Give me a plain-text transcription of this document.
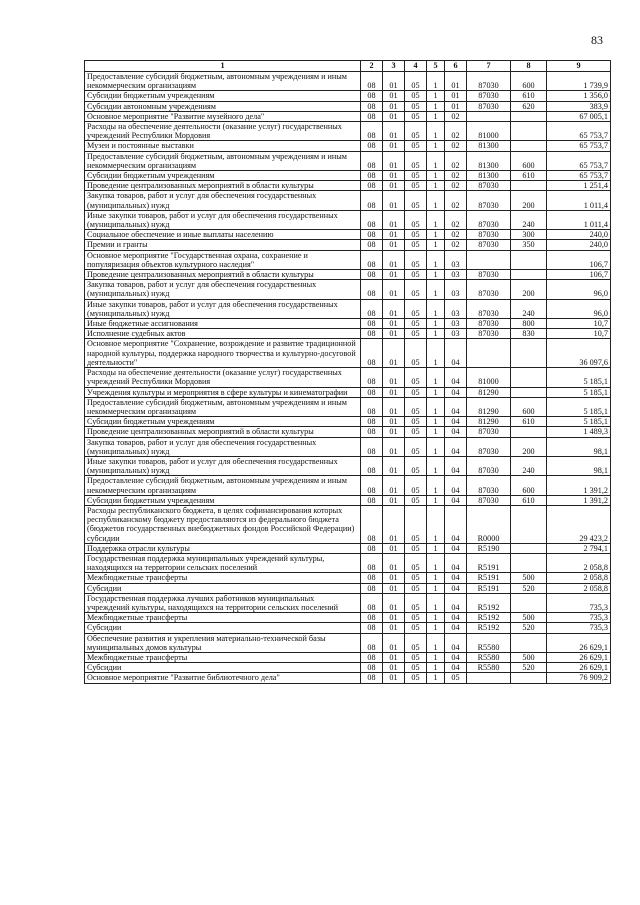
83
1	2	3	4	5	6	7	8	9
Предоставление субсидий бюджетным, автономным учреждениям и иным некоммерческим организациям	08	01	05	1	01	87030	600	1 739,9
Субсидии бюджетным учреждениям	08	01	05	1	01	87030	610	1 356,0
Субсидии автономным учреждениям	08	01	05	1	01	87030	620	383,9
Основное мероприятие "Развитие музейного дела"	08	01	05	1	02			67 005,1
Расходы на обеспечение деятельности (оказание услуг) государственных учреждений Республики Мордовия	08	01	05	1	02	81000		65 753,7
Музеи и постоянные выставки	08	01	05	1	02	81300		65 753,7
Предоставление субсидий бюджетным, автономным учреждениям и иным некоммерческим организациям	08	01	05	1	02	81300	600	65 753,7
Субсидии бюджетным учреждениям	08	01	05	1	02	81300	610	65 753,7
Проведение централизованных мероприятий в области культуры	08	01	05	1	02	87030		1 251,4
Закупка товаров, работ и услуг для обеспечения государственных (муниципальных) нужд	08	01	05	1	02	87030	200	1 011,4
Иные закупки товаров, работ и услуг для обеспечения государственных (муниципальных) нужд	08	01	05	1	02	87030	240	1 011,4
Социальное обеспечение и иные выплаты населению	08	01	05	1	02	87030	300	240,0
Премии и гранты	08	01	05	1	02	87030	350	240,0
Основное мероприятие "Государственная охрана, сохранение и популяризация объектов культурного наследия"	08	01	05	1	03			106,7
Проведение централизованных мероприятий в области культуры	08	01	05	1	03	87030		106,7
Закупка товаров, работ и услуг для обеспечения государственных (муниципальных) нужд	08	01	05	1	03	87030	200	96,0
Иные закупки товаров, работ и услуг для обеспечения государственных (муниципальных) нужд	08	01	05	1	03	87030	240	96,0
Иные бюджетные ассигнования	08	01	05	1	03	87030	800	10,7
Исполнение судебных актов	08	01	05	1	03	87030	830	10,7
Основное мероприятие "Сохранение, возрождение и развитие традиционной народной культуры, поддержка народного творчества и культурно-досуговой деятельности"	08	01	05	1	04			36 097,6
Расходы на обеспечение деятельности (оказание услуг) государственных учреждений Республики Мордовия	08	01	05	1	04	81000		5 185,1
Учреждения культуры и мероприятия в сфере культуры и кинематографии	08	01	05	1	04	81290		5 185,1
Предоставление субсидий бюджетным, автономным учреждениям и иным некоммерческим организациям	08	01	05	1	04	81290	600	5 185,1
Субсидии бюджетным учреждениям	08	01	05	1	04	81290	610	5 185,1
Проведение централизованных мероприятий в области культуры	08	01	05	1	04	87030		1 489,3
Закупка товаров, работ и услуг для обеспечения государственных (муниципальных) нужд	08	01	05	1	04	87030	200	98,1
Иные закупки товаров, работ и услуг для обеспечения государственных (муниципальных) нужд	08	01	05	1	04	87030	240	98,1
Предоставление субсидий бюджетным, автономным учреждениям и иным некоммерческим организациям	08	01	05	1	04	87030	600	1 391,2
Субсидии бюджетным учреждениям	08	01	05	1	04	87030	610	1 391,2
Расходы республиканского бюджета, в целях софинансирования которых республиканскому бюджету предоставляются из федерального бюджета (бюджетов государственных внебюджетных фондов Российской Федерации) субсидии	08	01	05	1	04	R0000		29 423,2
Поддержка отрасли культуры	08	01	05	1	04	R5190		2 794,1
Государственная поддержка муниципальных учреждений культуры, находящихся на территории сельских поселений	08	01	05	1	04	R5191		2 058,8
Межбюджетные трансферты	08	01	05	1	04	R5191	500	2 058,8
Субсидии	08	01	05	1	04	R5191	520	2 058,8
Государственная поддержка лучших работников муниципальных учреждений культуры, находящихся на территории сельских поселений	08	01	05	1	04	R5192		735,3
Межбюджетные трансферты	08	01	05	1	04	R5192	500	735,3
Субсидии	08	01	05	1	04	R5192	520	735,3
Обеспечение развития и укрепления материально-технической базы муниципальных домов культуры	08	01	05	1	04	R5580		26 629,1
Межбюджетные трансферты	08	01	05	1	04	R5580	500	26 629,1
Субсидии	08	01	05	1	04	R5580	520	26 629,1
Основное мероприятие "Развитие библиотечного дела"	08	01	05	1	05			76 909,2
